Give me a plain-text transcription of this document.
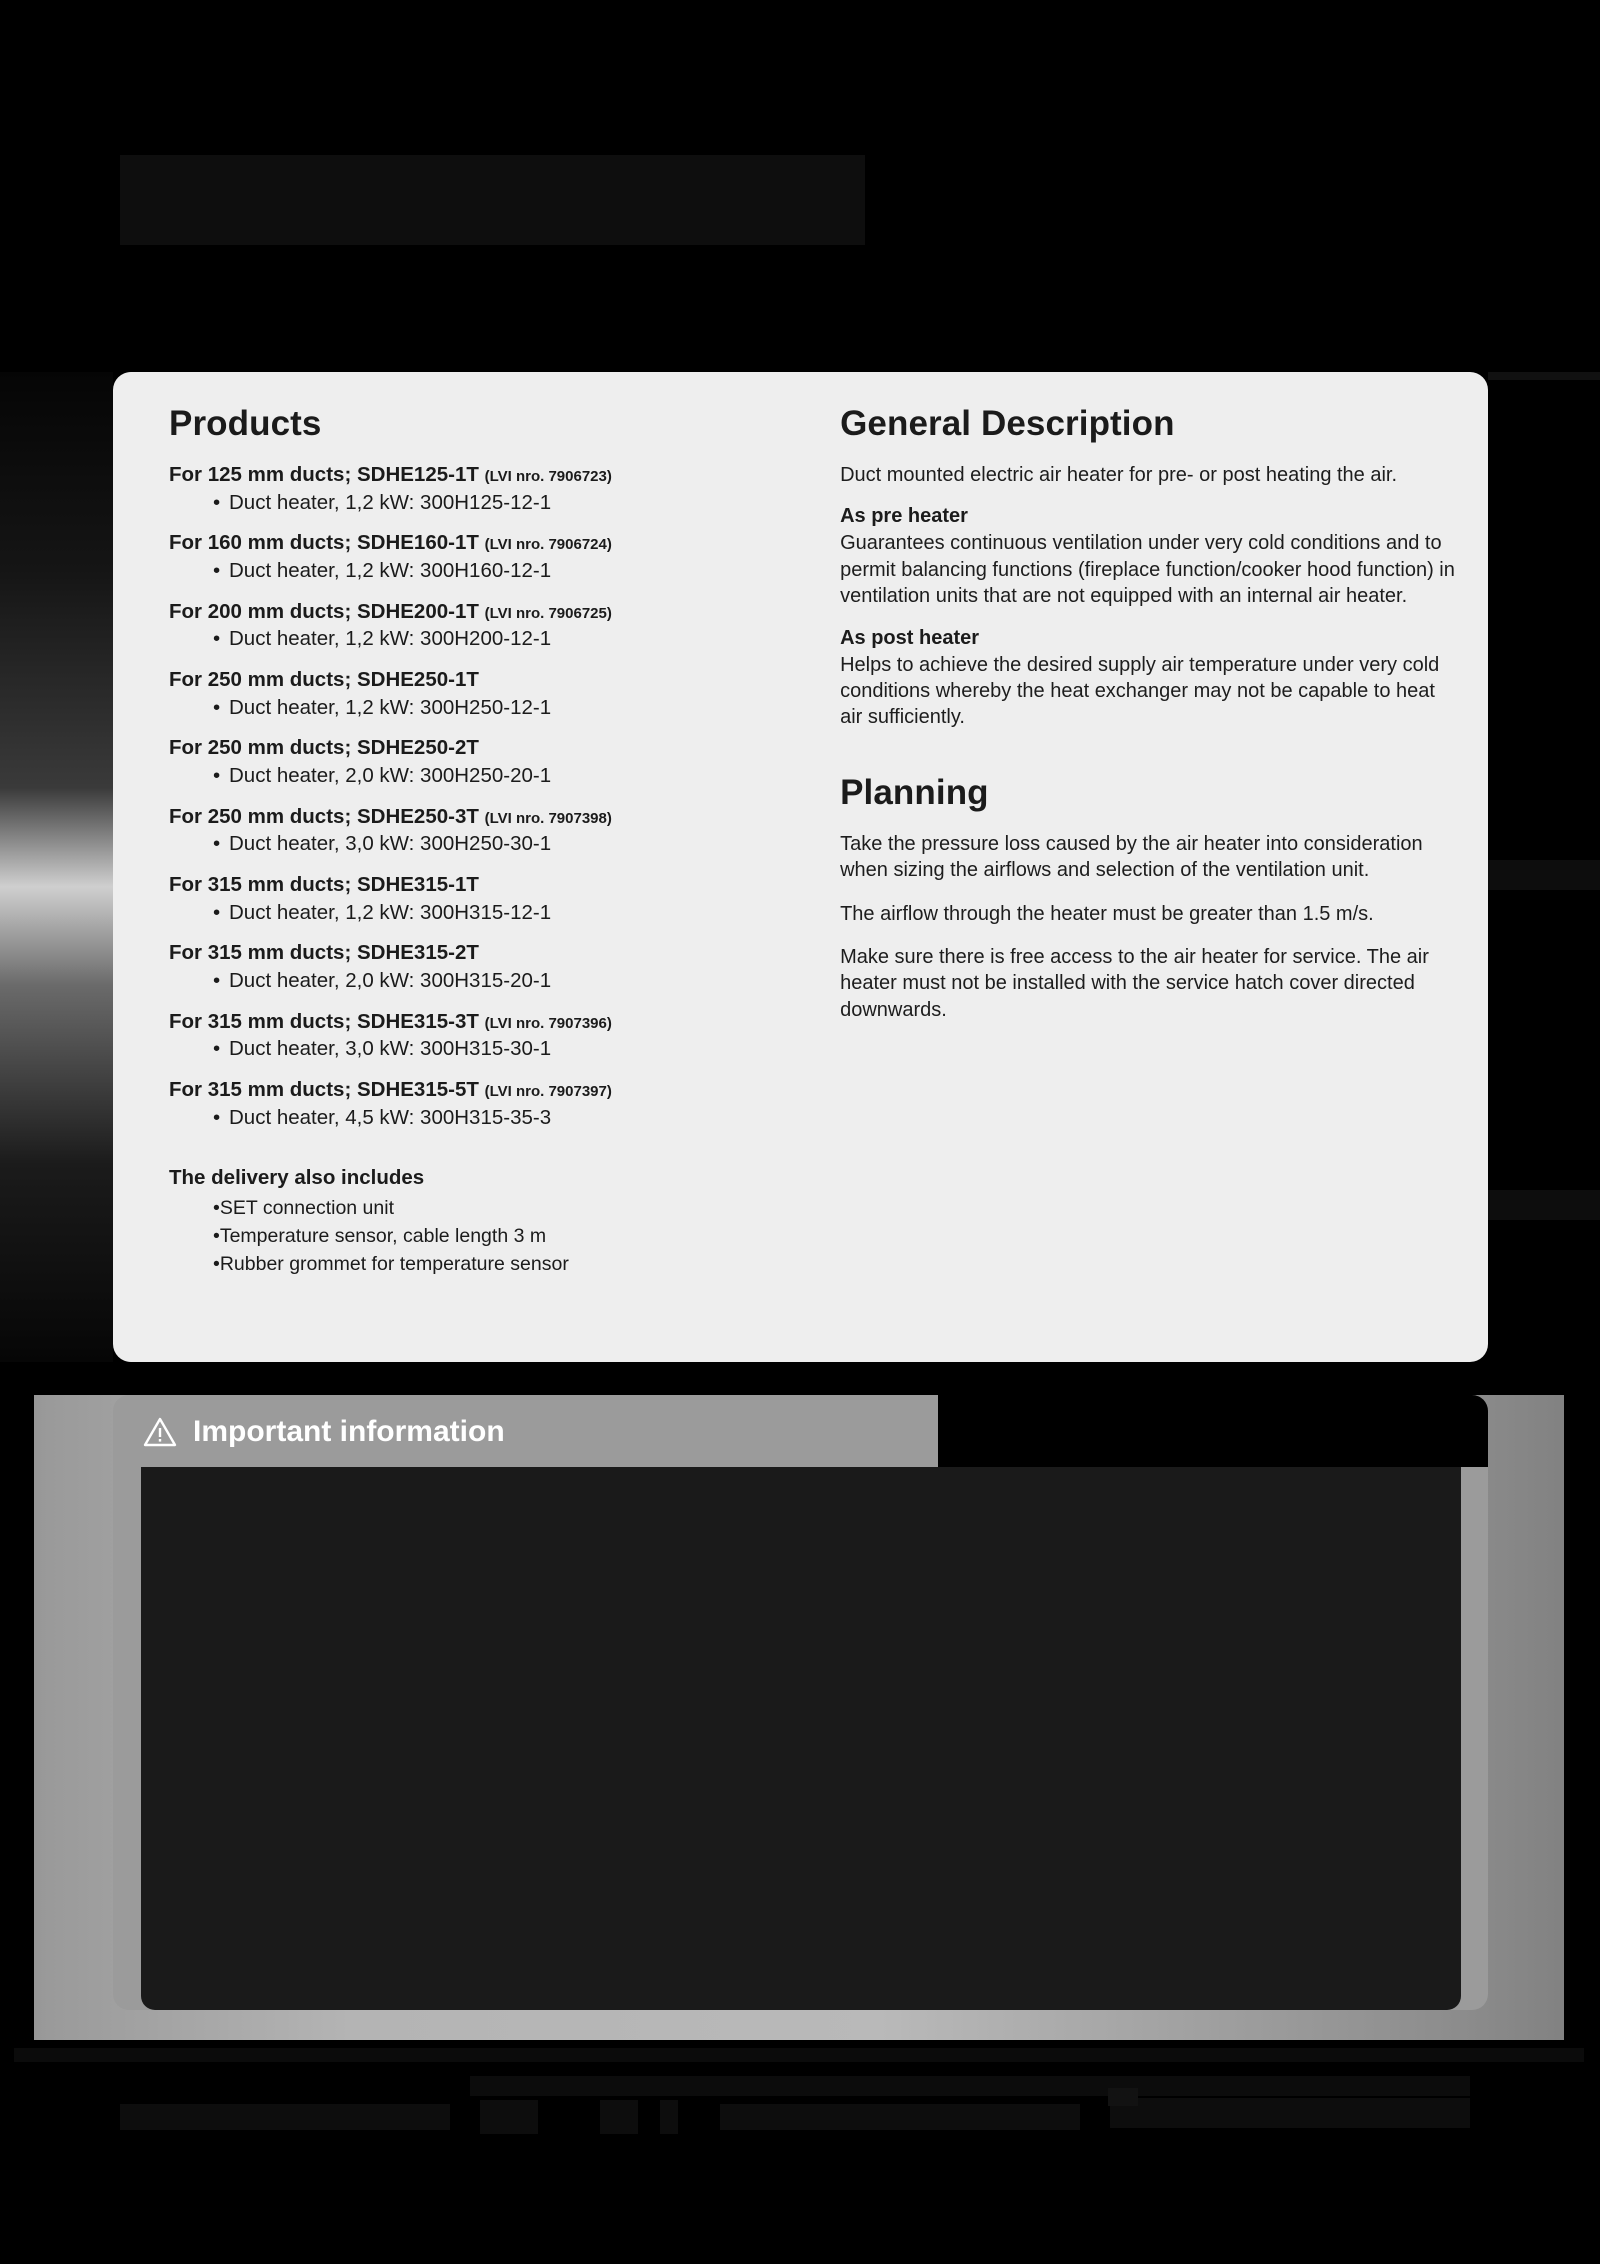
Products
For 125 mm ducts; SDHE125-1T (LVI nro. 7906723)
• Duct heater, 1,2 kW: 300H125-12-1
For 160 mm ducts; SDHE160-1T (LVI nro. 7906724)
• Duct heater, 1,2 kW: 300H160-12-1
For 200 mm ducts; SDHE200-1T (LVI nro. 7906725)
• Duct heater, 1,2 kW: 300H200-12-1
For 250 mm ducts; SDHE250-1T
• Duct heater, 1,2 kW: 300H250-12-1
For 250 mm ducts; SDHE250-2T
• Duct heater, 2,0 kW: 300H250-20-1
For 250 mm ducts; SDHE250-3T (LVI nro. 7907398)
• Duct heater, 3,0 kW: 300H250-30-1
For 315 mm ducts; SDHE315-1T
• Duct heater, 1,2 kW: 300H315-12-1
For 315 mm ducts; SDHE315-2T
• Duct heater, 2,0 kW: 300H315-20-1
For 315 mm ducts; SDHE315-3T (LVI nro. 7907396)
• Duct heater, 3,0 kW: 300H315-30-1
For 315 mm ducts; SDHE315-5T (LVI nro. 7907397)
• Duct heater, 4,5 kW: 300H315-35-3
The delivery also includes
•SET connection unit
•Temperature sensor, cable length 3 m
•Rubber grommet for temperature sensor
General Description
Duct mounted electric air heater for pre- or post heating the air.
As pre heater
Guarantees continuous ventilation under very cold conditions and to permit balancing functions (fireplace function/cooker hood function) in ventilation units that are not equipped with an internal air heater.
As post heater
Helps to achieve the desired supply air temperature under very cold conditions whereby the heat exchanger may not be capable to heat air sufficiently.
Planning
Take the pressure loss caused by the air heater into consideration when sizing the airflows and selection of the ventilation unit.
The airflow through the heater must be greater than 1.5 m/s.
Make sure there is free access to the air heater for service. The air heater must not be installed with the service hatch cover directed downwards.
Important information
